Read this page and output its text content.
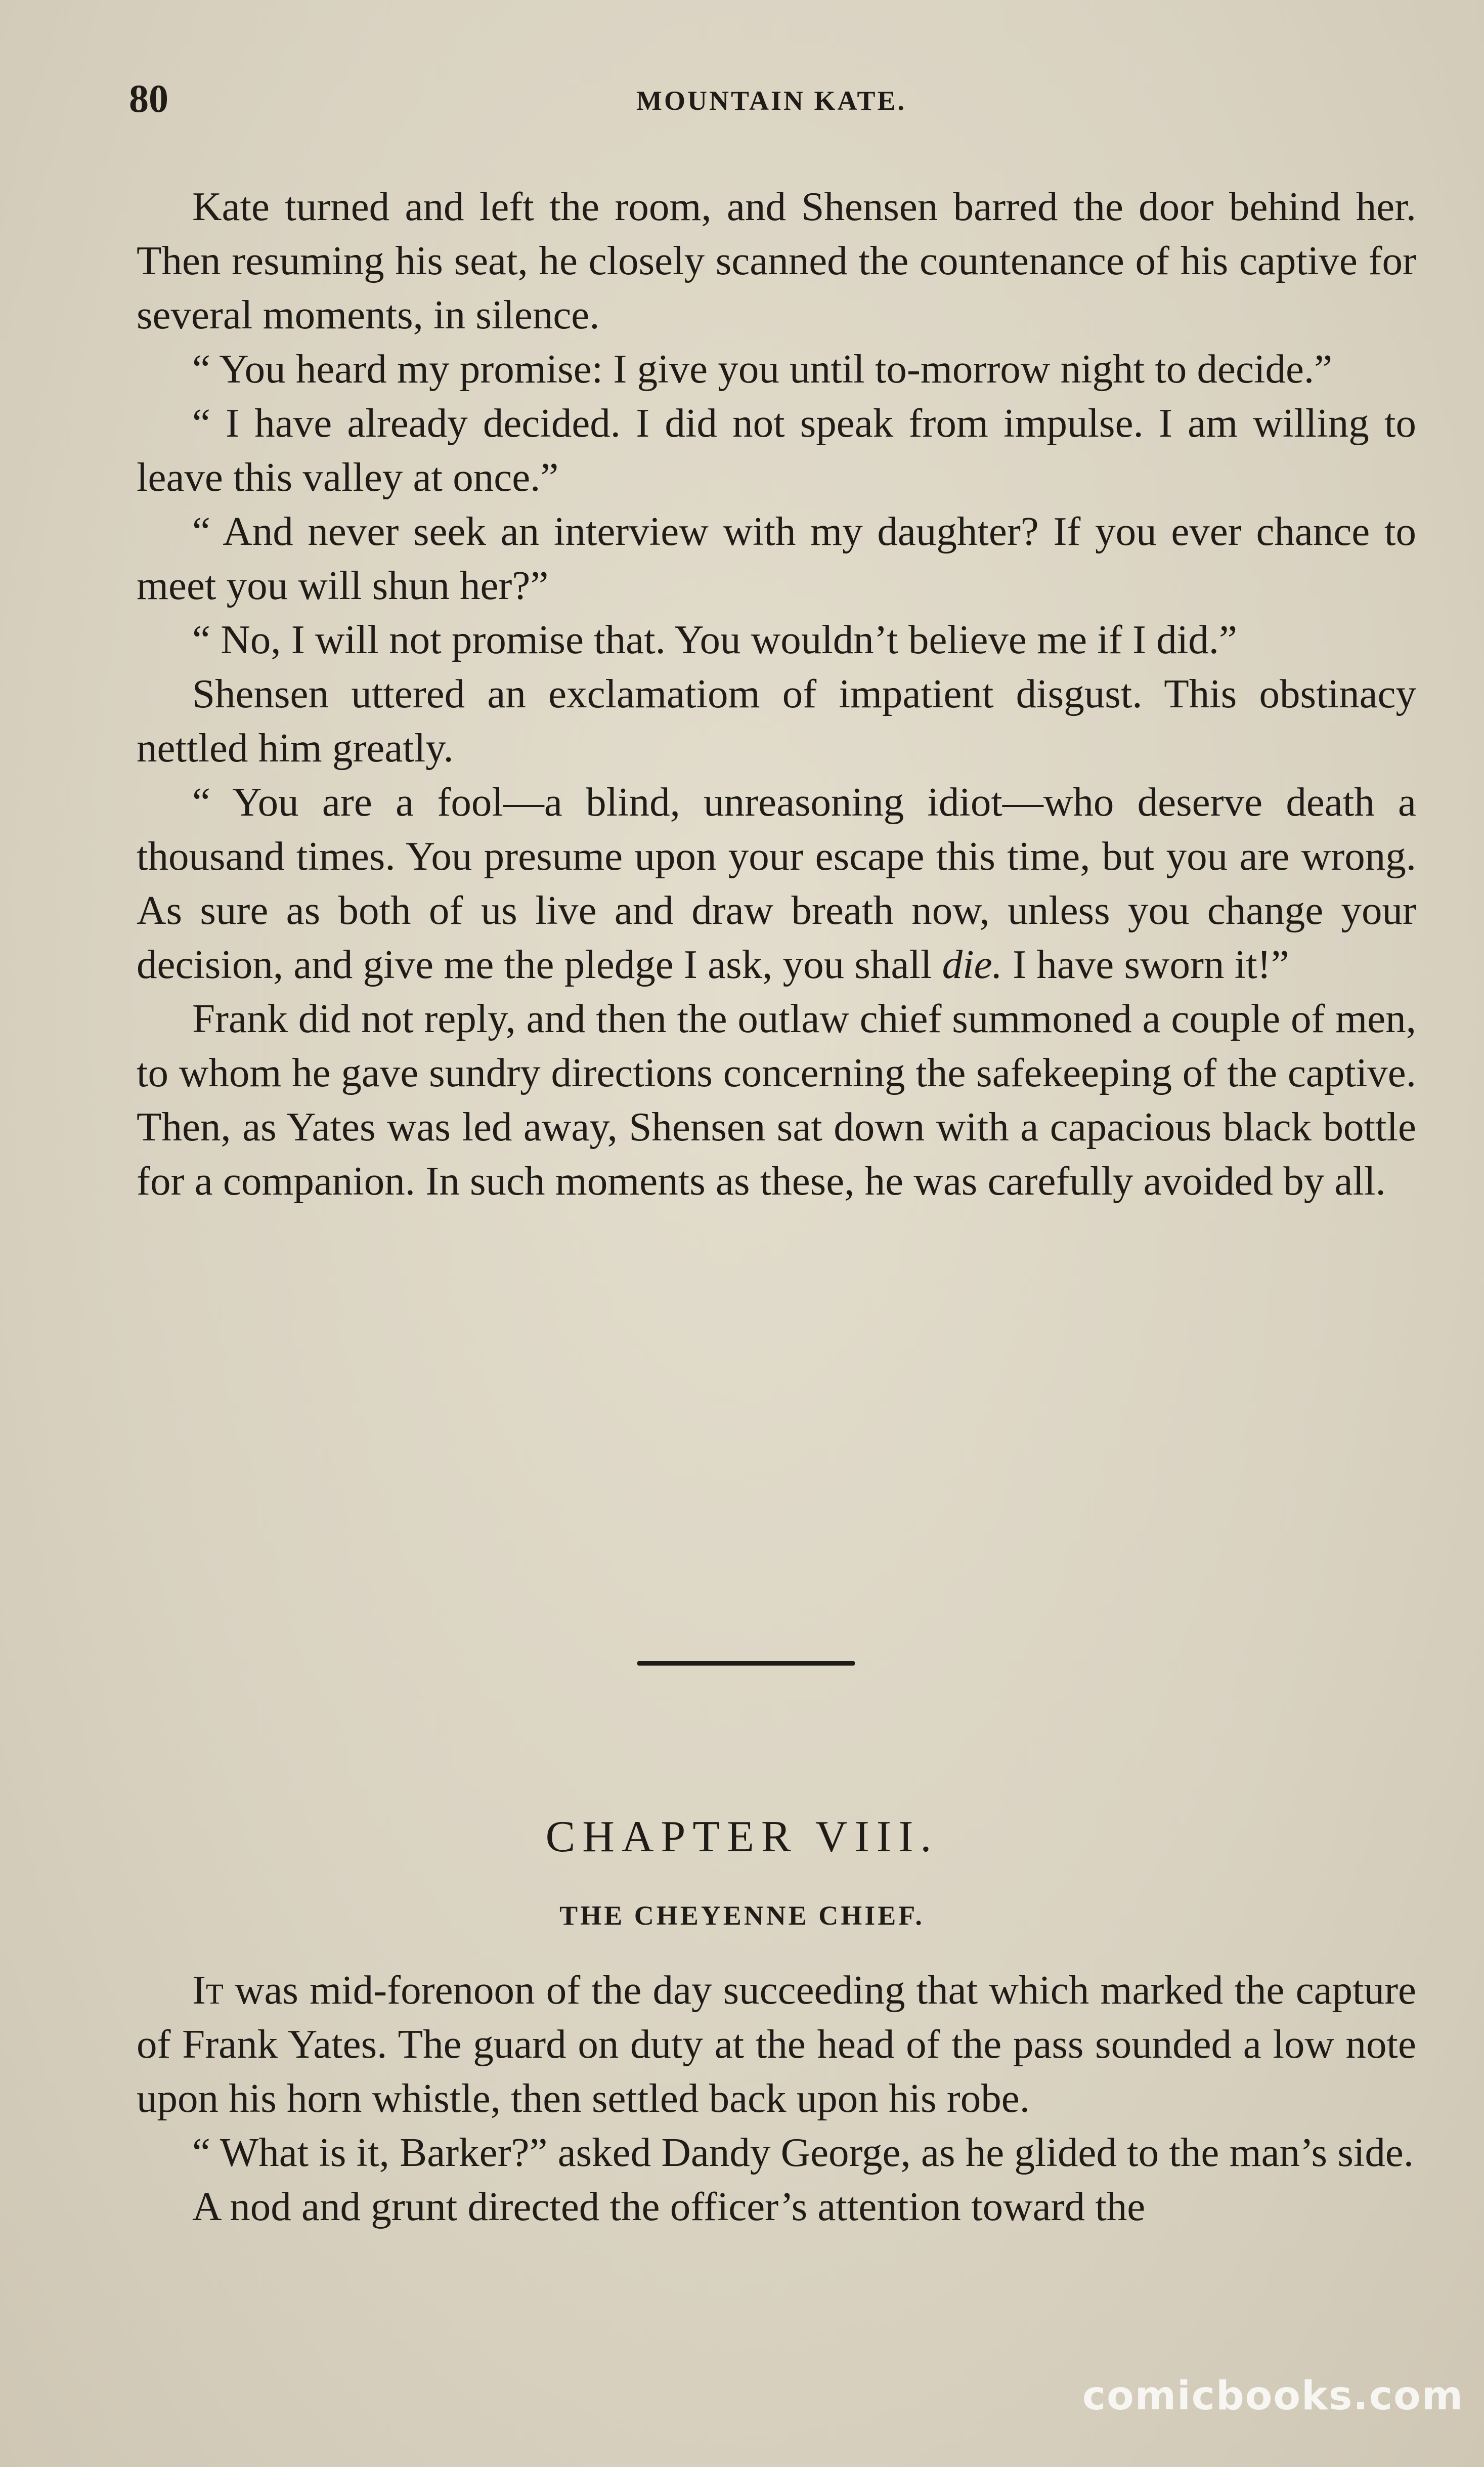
80	MOUNTAIN KATE.

Kate turned and left the room, and Shensen barred the door behind her. Then resuming his seat, he closely scanned the countenance of his captive for several moments, in silence.

“ You heard my promise: I give you until to-morrow night to decide.”

“ I have already decided. I did not speak from impulse. I am willing to leave this valley at once.”

“ And never seek an interview with my daughter? If you ever chance to meet you will shun her?”

“ No, I will not promise that. You wouldn’t believe me if I did.”

Shensen uttered an exclamatiom of impatient disgust. This obstinacy nettled him greatly.

“ You are a fool—a blind, unreasoning idiot—who deserve death a thousand times. You presume upon your escape this time, but you are wrong. As sure as both of us live and draw breath now, unless you change your decision, and give me the pledge I ask, you shall die. I have sworn it!”

Frank did not reply, and then the outlaw chief summoned a couple of men, to whom he gave sundry directions concerning the safekeeping of the captive. Then, as Yates was led away, Shensen sat down with a capacious black bottle for a companion. In such moments as these, he was carefully avoided by all.

CHAPTER VIII.
THE CHEYENNE CHIEF.

It was mid-forenoon of the day succeeding that which marked the capture of Frank Yates. The guard on duty at the head of the pass sounded a low note upon his horn whistle, then settled back upon his robe.

“ What is it, Barker?” asked Dandy George, as he glided to the man’s side.

A nod and grunt directed the officer’s attention toward the

comicbooks.com
